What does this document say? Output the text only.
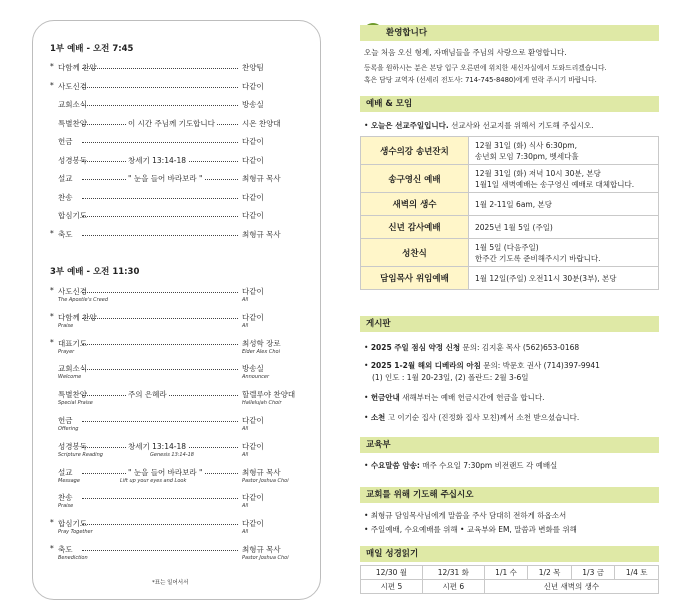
1부 예배 - 오전 7:45
* 다함께 찬양	찬양팀
* 사도신경	다같이
교회소식	방송실
특별찬양	이 시간 주님께 기도합니다	시온 찬양대
헌금	다같이
성경봉독	창세기 13:14-18	다같이
설교	" 눈을 들어 바라보라 "	최형규 목사
찬송	다같이
합심기도	다같이
* 축도	최형규 목사
3부 예배 - 오전 11:30
* 사도신경	다같이
The Apostle's Creed	All
* 다함께 찬양	다같이
Praise	All
* 대표기도	최성학 장로
Prayer	Elder Alex Choi
교회소식	방송실
Welcome	Announcer
특별찬양	주의 은혜라	할렐루야 찬양대
Special Praise	Hallelujah Choir
헌금	다같이
Offering	All
성경봉독	창세기 13:14-18	다같이
Scripture Reading	Genesis 13:14-18	All
설교	" 눈을 들어 바라보라 "	최형규 목사
Message	Lift up your eyes and Look	Pastor Joshua Choi
찬송	다같이
Praise	All
* 합심기도	다같이
Pray Together	All
* 축도	최형규 목사
Benediction	Pastor Joshua Choi
*표는 일어서서
환영합니다
오늘 처음 오신 형제, 자매님들을 주님의 사랑으로 환영합니다.
등록을 원하시는 분은 본당 입구 오른편에 위치한 새신자실에서 도와드리겠습니다.
혹은 담당 교역자 (선세리 전도사: 714-745-8480)에게 연락 주시기 바랍니다.
예배 & 모임
• 오늘은 선교주일입니다. 선교사와 선교지를 위해서 기도해 주십시오.
생수의강 송년잔치	12월 31일 (화) 식사 6:30pm,
송년회 모임 7:30pm, 벳세다홀

송구영신 예배	12월 31일 (화) 저녁 10시 30분, 본당
1월1일 새벽예배는 송구영신 예배로 대체합니다.

새벽의 생수	1월 2-11일 6am, 본당

신년 감사예배	2025년 1월 5일 (주일)

성찬식	1월 5일 (다음주일)
한주간 기도록 준비해주시기 바랍니다.

담임목사 위임예배	1월 12일(주일) 오전11시 30분(3부), 본당
게시판
• 2025 주일 점심 약정 신청 문의: 김지훈 목사 (562)653-0168
• 2025 1-2월 해외 디베라의 아침 문의: 박문호 권사 (714)397-9941
(1) 인도 : 1월 20-23일, (2) 폴란드: 2월 3-6일
• 헌금안내 새해부터는 예배 헌금시간에 헌금을 합니다.
• 소천 고 이기순 집사 (진정화 집사 모친)께서 소천 받으셨습니다.
교육부
• 수요말씀 암송: 매주 수요일 7:30pm 비전랜드 각 예배실
교회를 위해 기도해 주십시오
• 최형규 담임목사님에게 말씀을 주사 담대히 전하게 하옵소서
• 주일예배, 수요예배를 위해 • 교육부와 EM, 말씀과 변화를 위해
매일 성경읽기
12/30 월	12/31 화	1/1 수	1/2 목	1/3 금	1/4 토
시편 5	시편 6	신년 새벽의 생수			
